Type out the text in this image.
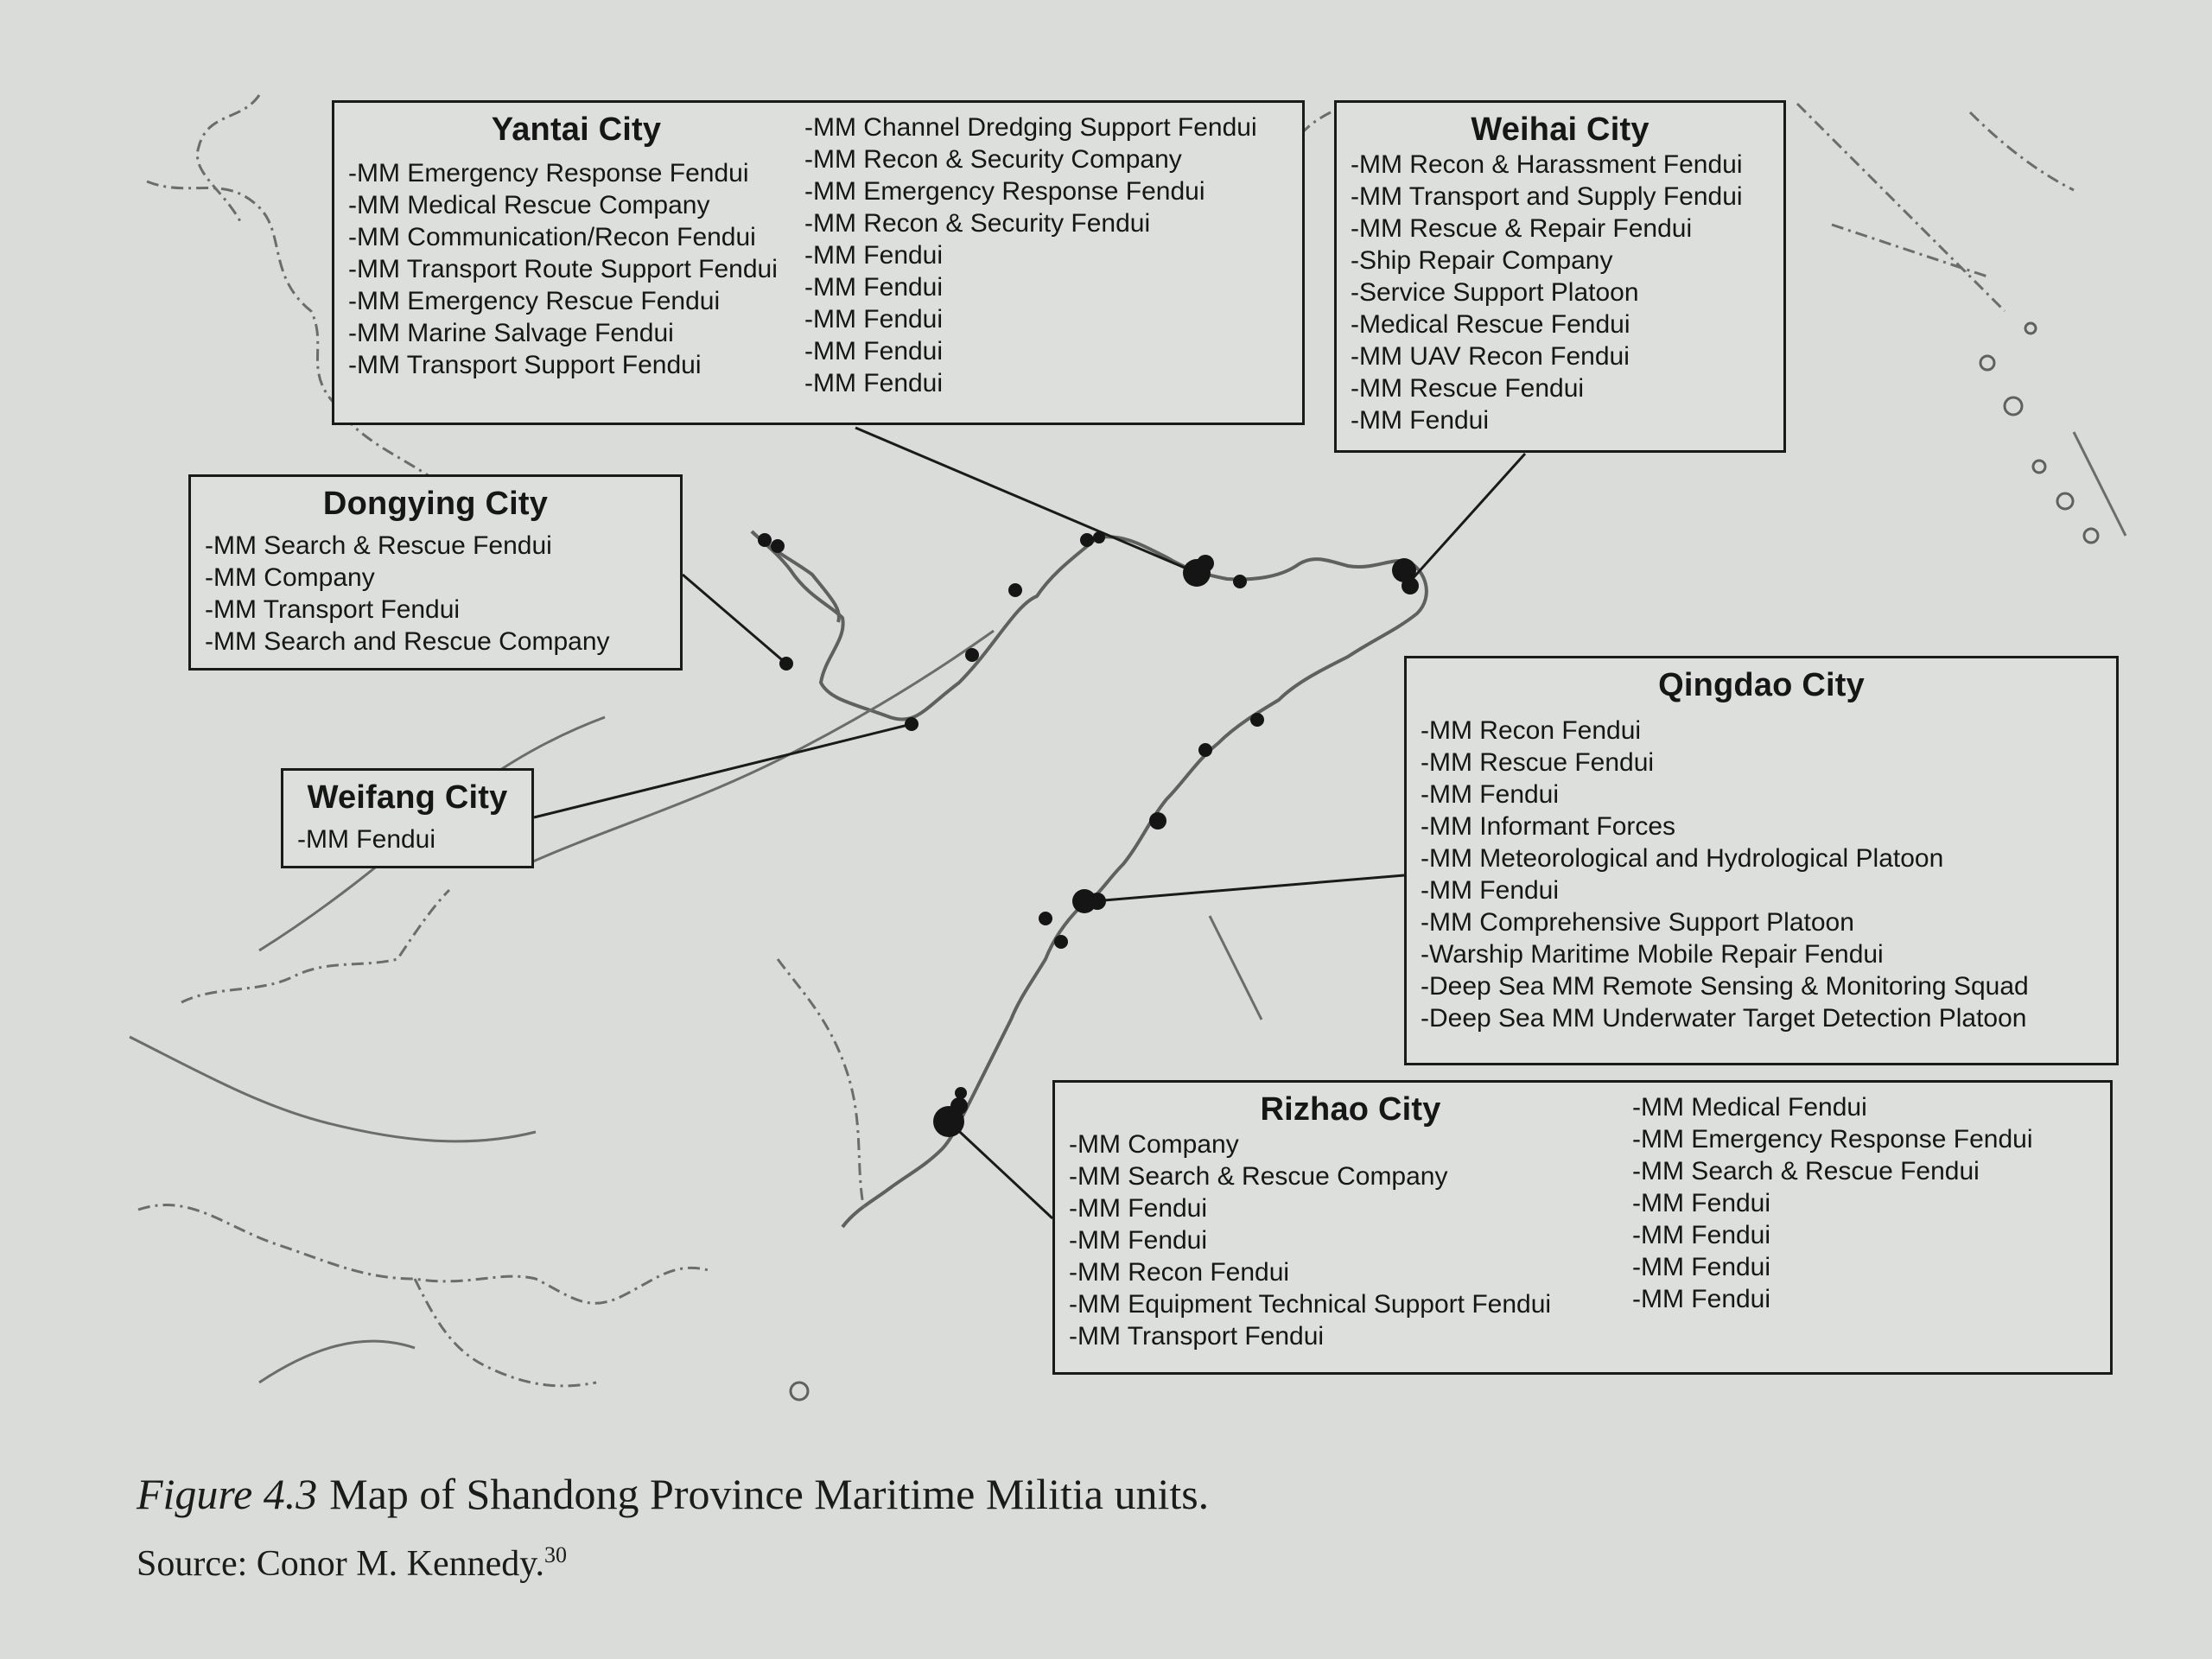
Yantai City
-MM Emergency Response Fendui
-MM Medical Rescue Company
-MM Communication/Recon Fendui
-MM Transport Route Support Fendui
-MM Emergency Rescue Fendui
-MM Marine Salvage Fendui
-MM Transport Support Fendui
-MM Channel Dredging Support Fendui
-MM Recon & Security Company
-MM Emergency Response Fendui
-MM Recon & Security Fendui
-MM Fendui
-MM Fendui
-MM Fendui
-MM Fendui
-MM Fendui
Weihai City
-MM Recon & Harassment Fendui
-MM Transport and Supply Fendui
-MM Rescue & Repair Fendui
-Ship Repair Company
-Service Support Platoon
-Medical Rescue Fendui
-MM UAV Recon Fendui
-MM Rescue Fendui
-MM Fendui
Dongying City
-MM Search & Rescue Fendui
-MM Company
-MM Transport Fendui
-MM Search and Rescue Company
Weifang City
-MM Fendui
Qingdao City
-MM Recon Fendui
-MM Rescue Fendui
-MM Fendui
-MM Informant Forces
-MM Meteorological and Hydrological Platoon
-MM Fendui
-MM Comprehensive Support Platoon
-Warship Maritime Mobile Repair Fendui
-Deep Sea MM Remote Sensing & Monitoring Squad
-Deep Sea MM Underwater Target Detection Platoon
Rizhao City
-MM Company
-MM Search & Rescue Company
-MM Fendui
-MM Fendui
-MM Recon Fendui
-MM Equipment Technical Support Fendui
-MM Transport Fendui
-MM Medical Fendui
-MM Emergency Response Fendui
-MM Search & Rescue Fendui
-MM Fendui
-MM Fendui
-MM Fendui
-MM Fendui
Figure 4.3 Map of Shandong Province Maritime Militia units.
Source: Conor M. Kennedy.$^{30}$
